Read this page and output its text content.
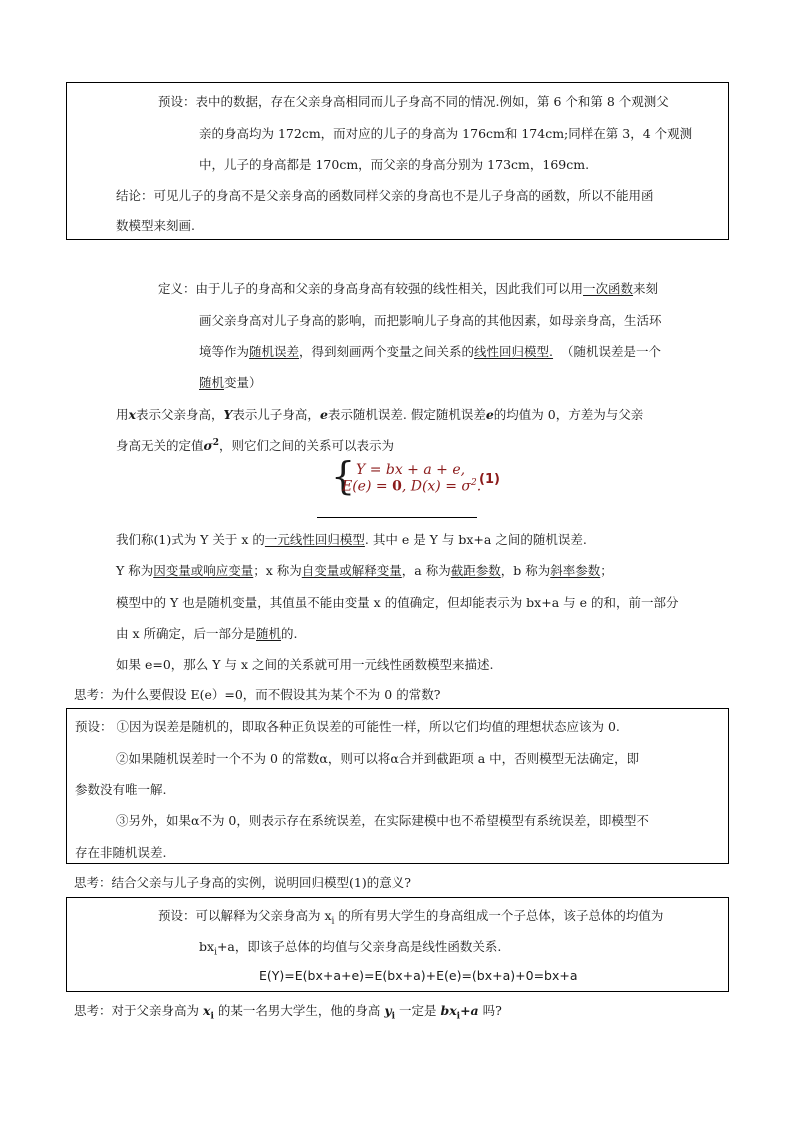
预设：表中的数据，存在父亲身高相同而儿子身高不同的情况.例如，第 6 个和第 8 个观测父
亲的身高均为 172cm，而对应的儿子的身高为 176cm和 174cm;同样在第 3，4 个观测
中，儿子的身高都是 170cm，而父亲的身高分别为 173cm，169cm.
结论：可见儿子的身高不是父亲身高的函数同样父亲的身高也不是儿子身高的函数，所以不能用函
数模型来刻画.
定义：由于儿子的身高和父亲的身高身高有较强的线性相关，因此我们可以用一次函数来刻
画父亲身高对儿子身高的影响，而把影响儿子身高的其他因素，如母亲身高，生活环
境等作为随机误差，得到刻画两个变量之间关系的线性回归模型. （随机误差是一个
随机变量）
用x表示父亲身高，Y表示儿子身高，e表示随机误差. 假定随机误差e的均值为 0，方差为与父亲
身高无关的定值$\sigma^2$，则它们之间的关系可以表示为
{ Y = bx + a + e,
E(e) = 0, $D(x) = \sigma^2$.
(1)
我们称(1)式为 Y 关于 x 的一元线性回归模型. 其中 e 是 Y 与 bx+a 之间的随机误差.
Y 称为因变量或响应变量；x 称为自变量或解释变量，a 称为截距参数，b 称为斜率参数；
模型中的 Y 也是随机变量，其值虽不能由变量 x 的值确定，但却能表示为 bx+a 与 e 的和，前一部分
由 x 所确定，后一部分是随机的.
如果 e=0，那么 Y 与 x 之间的关系就可用一元线性函数模型来描述.
思考：为什么要假设 E(e）=0，而不假设其为某个不为 0 的常数?
预设： ①因为误差是随机的，即取各种正负误差的可能性一样，所以它们均值的理想状态应该为 0.
②如果随机误差时一个不为 0 的常数α，则可以将α合并到截距项 a 中，否则模型无法确定，即
参数没有唯一解.
③另外，如果α不为 0，则表示存在系统误差，在实际建模中也不希望模型有系统误差，即模型不
存在非随机误差.
思考：结合父亲与儿子身高的实例，说明回归模型(1)的意义?
预设：可以解释为父亲身高为 $x_i$ 的所有男大学生的身高组成一个子总体，该子总体的均值为
$bx_i+a$，即该子总体的均值与父亲身高是线性函数关系.
E(Y)=E(bx+a+e)=E(bx+a)+E(e)=(bx+a)+0=bx+a
思考：对于父亲身高为 $x_i$ 的某一名男大学生，他的身高 $y_i$ 一定是 $bx_i+a$ 吗?
